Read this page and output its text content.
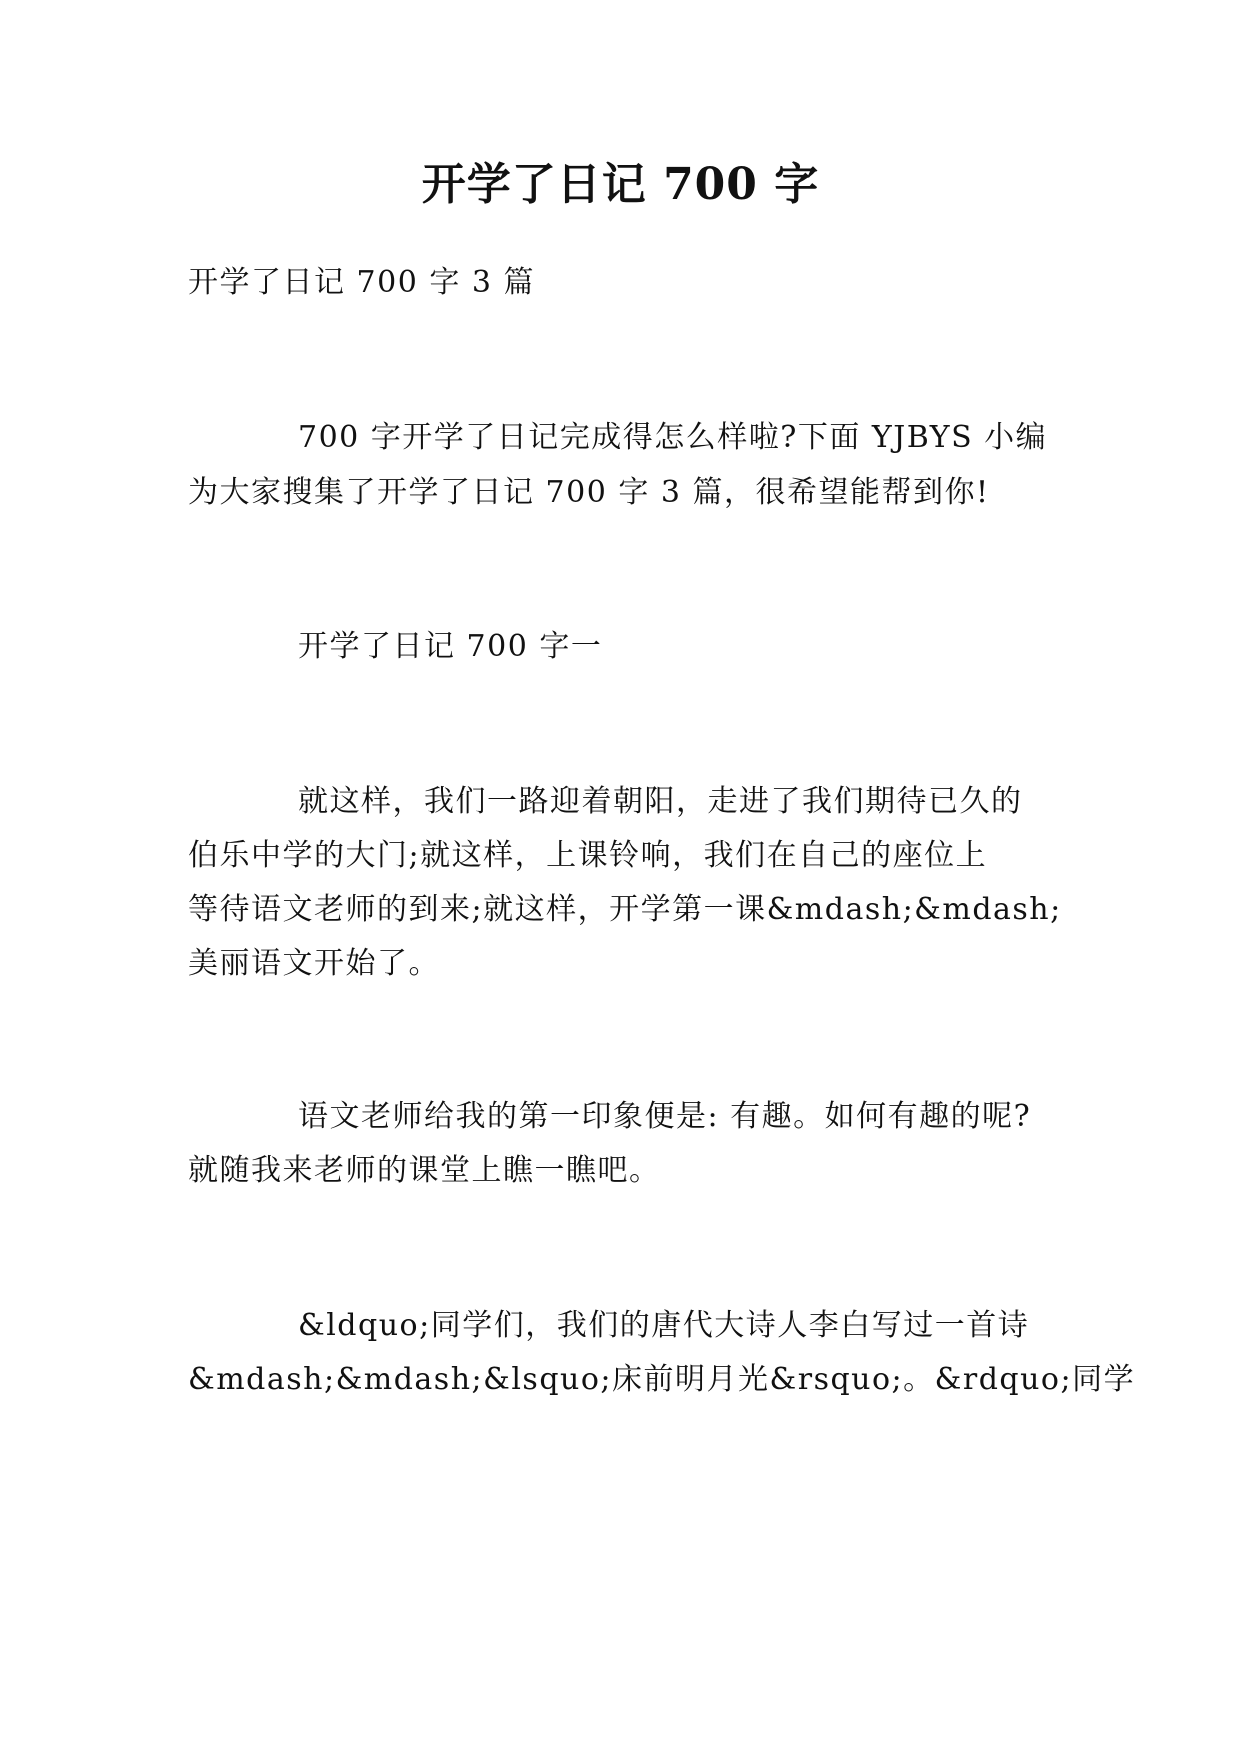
开学了日记 700 字

开学了日记 700 字 3 篇

700 字开学了日记完成得怎么样啦?下面 YJBYS 小编

为大家搜集了开学了日记 700 字 3 篇，很希望能帮到你!

开学了日记 700 字一

就这样，我们一路迎着朝阳，走进了我们期待已久的

伯乐中学的大门;就这样，上课铃响，我们在自己的座位上

等待语文老师的到来;就这样，开学第一课&mdash;&mdash;

美丽语文开始了。

语文老师给我的第一印象便是: 有趣。如何有趣的呢?

就随我来老师的课堂上瞧一瞧吧。

&ldquo;同学们，我们的唐代大诗人李白写过一首诗

&mdash;&mdash;&lsquo;床前明月光&rsquo;。&rdquo;同学
